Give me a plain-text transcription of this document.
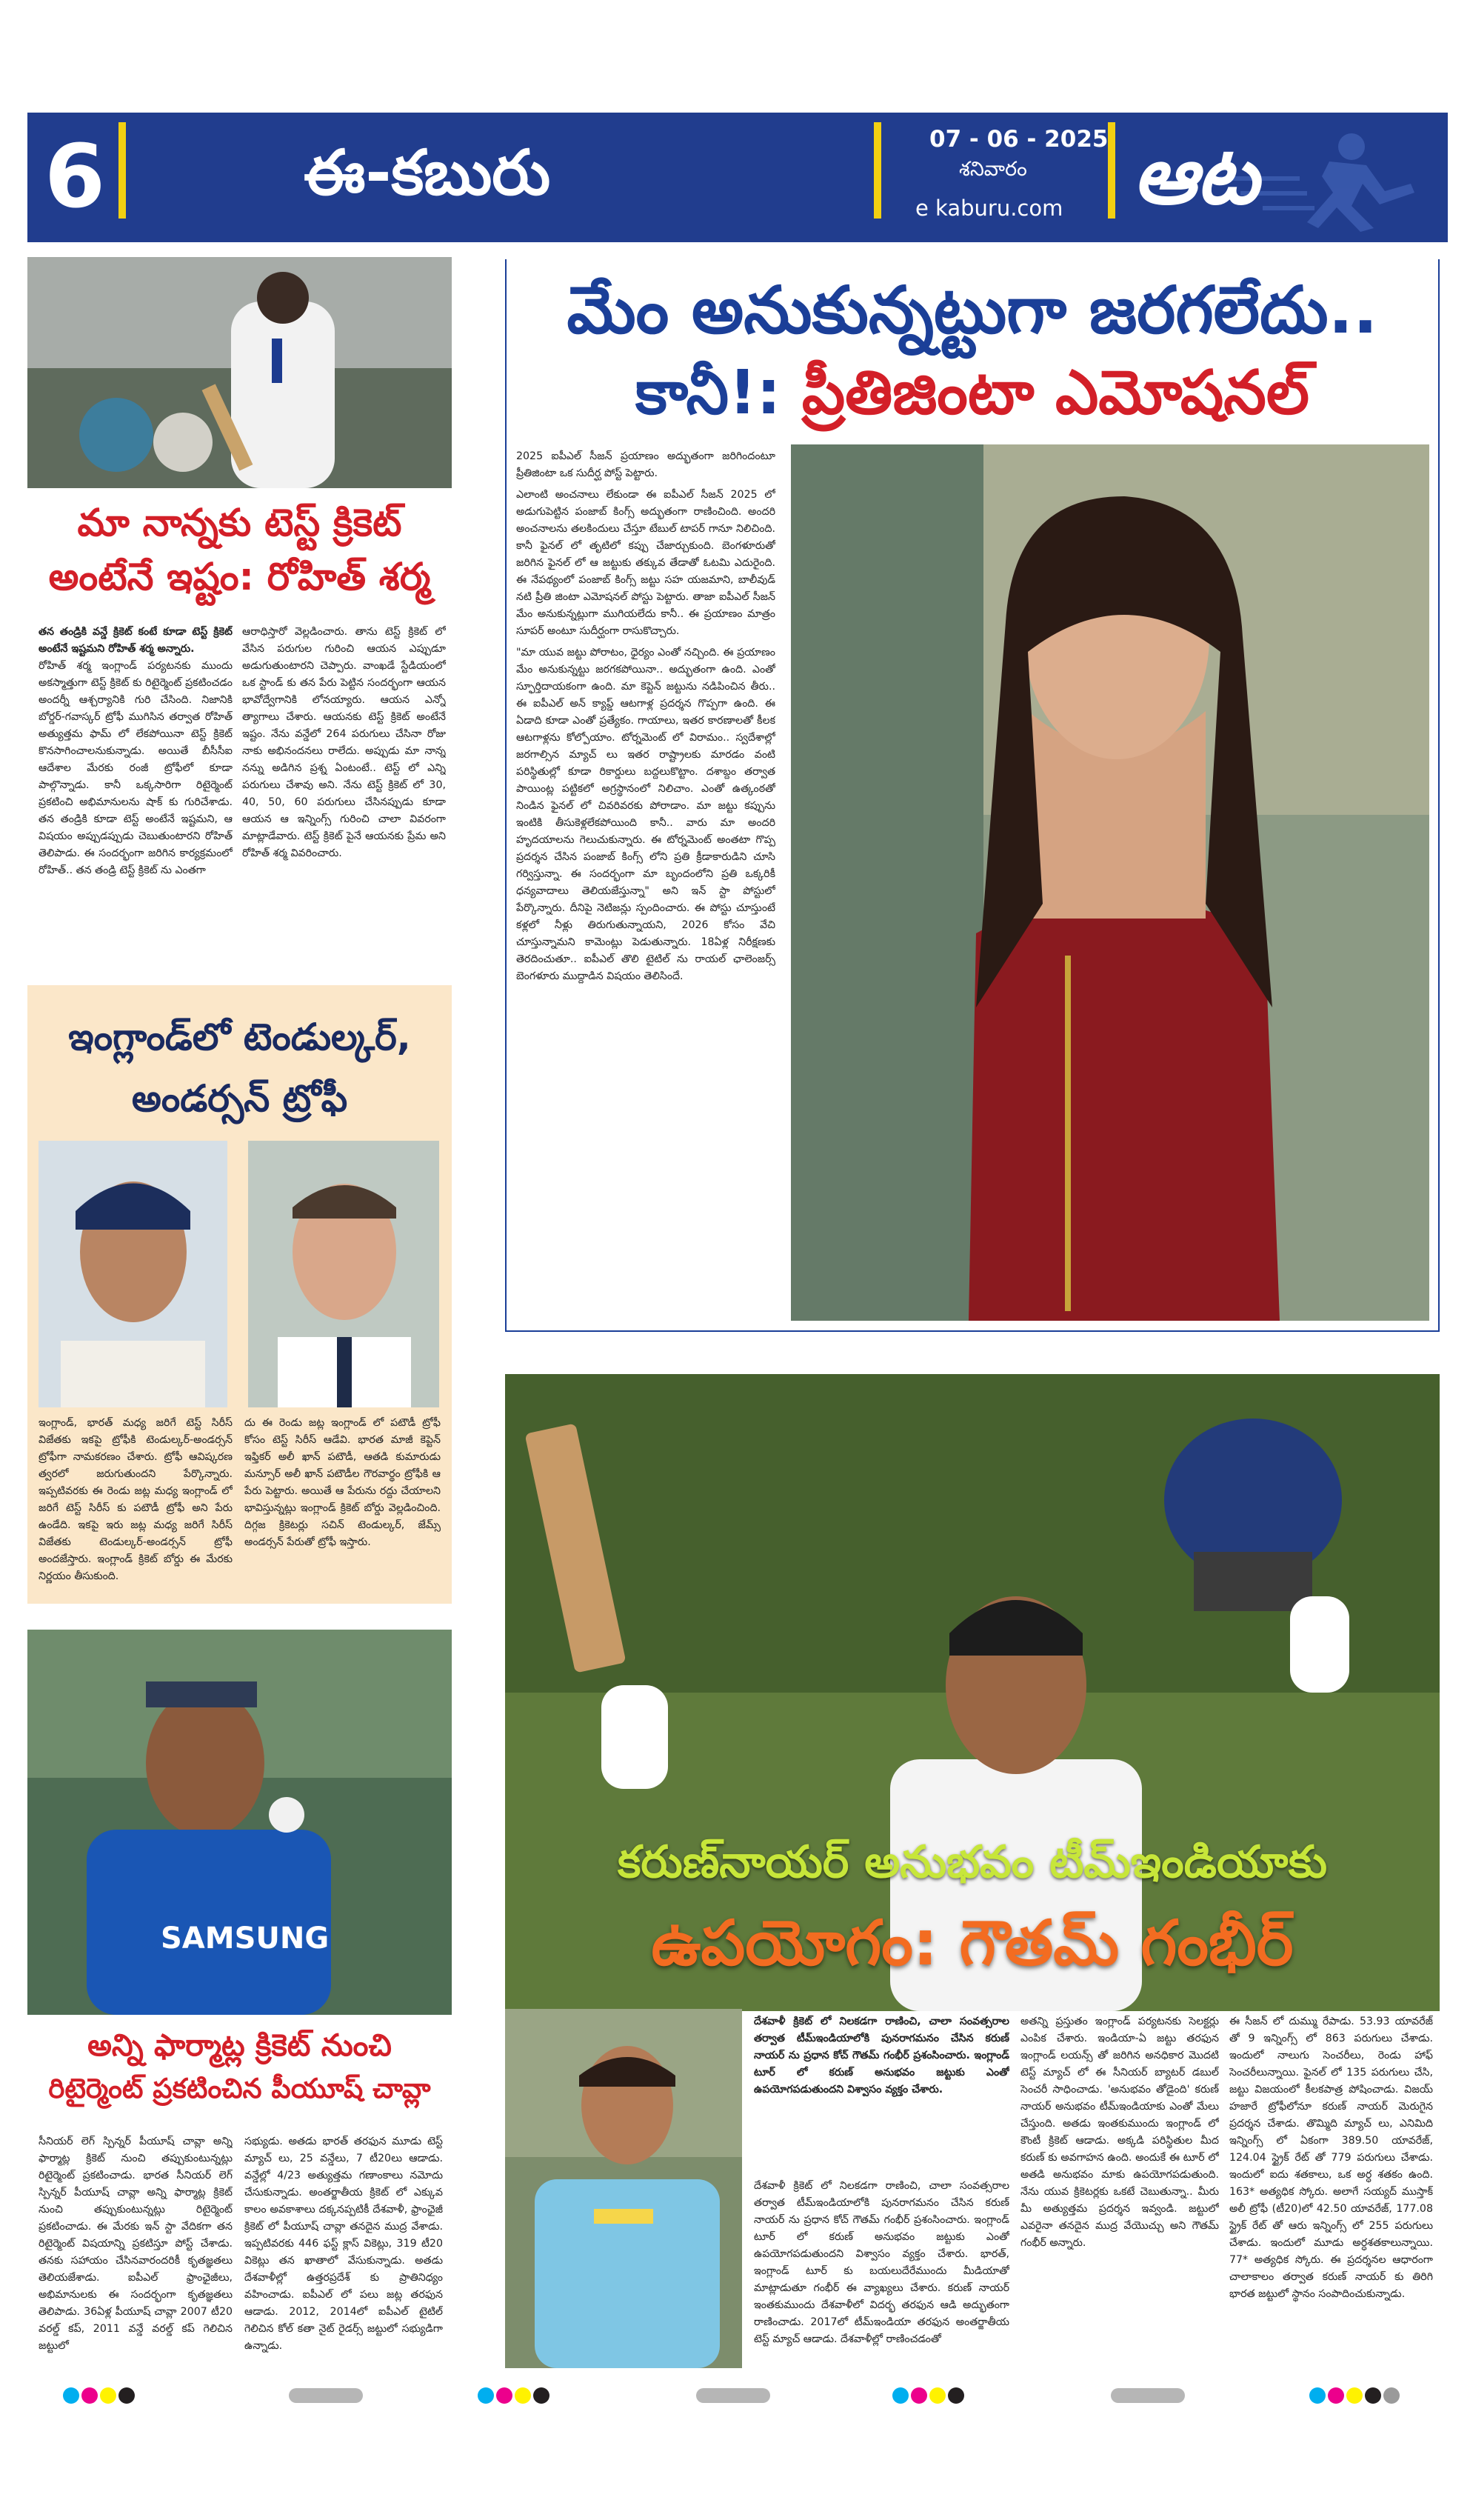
6	ఈ-కబురు	07 - 06 - 2025
శనివారం
e kaburu.com ఆట
మా నాన్నకు టెస్ట్ క్రికెట్
అంటేనే ఇష్టం: రోహిత్ శర్మ

తన తండ్రికి వన్డే క్రికెట్ కంటే కూడా టెస్ట్ క్రికెట్ అంటేనే ఇష్టమని రోహిత్ శర్మ అన్నారు.

రోహిత్ శర్మ ఇంగ్లాండ్ పర్యటనకు ముందు అకస్మాత్తుగా టెస్ట్ క్రికెట్ కు రిటైర్మెంట్ ప్రకటించడం అందర్నీ ఆశ్చర్యానికి గురి చేసింది. నిజానికి బోర్డర్-గవాస్కర్ ట్రోఫీ ముగిసిన తర్వాత రోహిత్ అత్యుత్తమ ఫామ్ లో లేకపోయినా టెస్ట్ క్రికెట్ కొనసాగించాలనుకున్నాడు. అయితే బీసీసీఐ ఆదేశాల మేరకు రంజీ ట్రోఫీలో కూడా పాల్గొన్నాడు. కానీ ఒక్కసారిగా రిటైర్మెంట్ ప్రకటించి అభిమానులను షాక్ కు గురిచేశాడు. తన తండ్రికి కూడా టెస్ట్ అంటేనే ఇష్టమని, ఆ విషయం అప్పుడప్పుడు చెబుతుంటారని రోహిత్ తెలిపాడు. ఈ సందర్భంగా జరిగిన కార్యక్రమంలో రోహిత్.. తన తండ్రి టెస్ట్ క్రికెట్ ను ఎంతగా

ఆరాధిస్తారో వెల్లడించారు. తాను టెస్ట్ క్రికెట్ లో వేసిన పరుగుల గురించి ఆయన ఎప్పుడూ అడుగుతుంటారని చెప్పారు. వాంఖడే స్టేడియంలో ఒక స్టాండ్ కు తన పేరు పెట్టిన సందర్భంగా ఆయన భావోద్వేగానికి లోనయ్యారు. ఆయన ఎన్నో త్యాగాలు చేశారు. ఆయనకు టెస్ట్ క్రికెట్ అంటేనే ఇష్టం. నేను వన్డేలో 264 పరుగులు చేసినా రోజు నాకు అభినందనలు రాలేదు. అప్పుడు మా నాన్న నన్ను అడిగిన ప్రశ్న ఏంటంటే.. టెస్ట్ లో ఎన్ని పరుగులు చేశావు అని. నేను టెస్ట్ క్రికెట్ లో 30, 40, 50, 60 పరుగులు చేసినప్పుడు కూడా ఆయన ఆ ఇన్నింగ్స్ గురించి చాలా వివరంగా మాట్లాడేవారు. టెస్ట్ క్రికెట్ పైనే ఆయనకు ప్రేమ అని రోహిత్ శర్మ వివరించారు.

ఇంగ్లాండ్‌లో టెండుల్కర్,
అండర్సన్ ట్రోఫీ

ఇంగ్లాండ్, భారత్ మధ్య జరిగే టెస్ట్ సిరీస్ విజేతకు ఇకపై ట్రోఫీకి టెండుల్కర్-అండర్సన్ ట్రోఫీగా నామకరణం చేశారు. ట్రోఫీ ఆవిష్కరణ త్వరలో జరుగుతుందని పేర్కొన్నారు. ఇప్పటివరకు ఈ రెండు జట్ల మధ్య ఇంగ్లాండ్ లో జరిగే టెస్ట్ సిరీస్ కు పటౌడీ ట్రోఫీ అని పేరు ఉండేది. ఇకపై ఇరు జట్ల మధ్య జరిగే సిరీస్ విజేతకు టెండుల్కర్-అండర్సన్ ట్రోఫీ అందజేస్తారు. ఇంగ్లాండ్ క్రికెట్ బోర్డు ఈ మేరకు నిర్ణయం తీసుకుంది.

దు ఈ రెండు జట్ల ఇంగ్లాండ్ లో పటౌడీ ట్రోఫీ కోసం టెస్ట్ సిరీస్ ఆడేవి. భారత మాజీ కెప్టెన్ ఇఫ్తికర్ అలీ ఖాన్ పటౌడీ, ఆతడి కుమారుడు మన్సూర్ అలీ ఖాన్ పటౌడీల గౌరవార్థం ట్రోఫీకి ఆ పేరు పెట్టారు. అయితే ఆ పేరును రద్దు చేయాలని భావిస్తున్నట్లు ఇంగ్లాండ్ క్రికెట్ బోర్డు వెల్లడించింది. దిగ్గజ క్రికెటర్లు సచిన్ టెండుల్కర్, జేమ్స్ అండర్సన్ పేరుతో ట్రోఫీ ఇస్తారు.

SAMSUNG
అన్ని ఫార్మాట్ల క్రికెట్ నుంచి
రిటైర్మెంట్ ప్రకటించిన పీయూష్ చావ్లా

సీనియర్ లెగ్ స్పిన్నర్ పీయూష్ చావ్లా అన్ని ఫార్మాట్ల క్రికెట్ నుంచి తప్పుకుంటున్నట్లు రిటైర్మెంట్ ప్రకటించాడు. భారత సీనియర్ లెగ్ స్పిన్నర్ పీయూష్ చావ్లా అన్ని ఫార్మాట్ల క్రికెట్ నుంచి తప్పుకుంటున్నట్లు రిటైర్మెంట్ ప్రకటించాడు. ఈ మేరకు ఇన్ స్టా వేదికగా తన రిటైర్మెంట్ విషయాన్ని ప్రకటిస్తూ పోస్ట్ చేశాడు. తనకు సహాయం చేసినవారందరికీ కృతజ్ఞతలు తెలియజేశాడు. ఐపీఎల్ ఫ్రాంఛైజీలు, అభిమానులకు ఈ సందర్భంగా కృతజ్ఞతలు తెలిపాడు. 36ఏళ్ల పీయూష్ చావ్లా 2007 టీ20 వరల్డ్ కప్, 2011 వన్డే వరల్డ్ కప్ గెలిచిన జట్టులో

సభ్యుడు. అతడు భారత్ తరఫున మూడు టెస్ట్ మ్యాచ్ లు, 25 వన్డేలు, 7 టీ20లు ఆడాడు. వన్డేల్లో 4/23 అత్యుత్తమ గణాంకాలు నమోదు చేసుకున్నాడు. అంతర్జాతీయ క్రికెట్ లో ఎక్కువ కాలం అవకాశాలు దక్కనప్పటికీ దేశవాళీ, ఫ్రాంఛైజీ క్రికెట్ లో పీయూష్ చావ్లా తనదైన ముద్ర వేశాడు. ఇప్పటివరకు 446 ఫస్ట్ క్లాస్ వికెట్లు, 319 టీ20 వికెట్లు తన ఖాతాలో వేసుకున్నాడు. అతడు దేశవాళీల్లో ఉత్తరప్రదేశ్ కు ప్రాతినిధ్యం వహించాడు. ఐపీఎల్ లో పలు జట్ల తరఫున ఆడాడు. 2012, 2014లో ఐపీఎల్ టైటిల్ గెలిచిన కోల్ కతా నైట్ రైడర్స్ జట్టులో సభ్యుడిగా ఉన్నాడు.

మేం అనుకున్నట్టుగా జరగలేదు..
కానీ!: ప్రీతిజింటా ఎమోషనల్

2025 ఐపీఎల్ సీజన్ ప్రయాణం అద్భుతంగా జరిగిందంటూ ప్రీతిజింటా ఒక సుదీర్ఘ పోస్ట్ పెట్టారు.

ఎలాంటి అంచనాలు లేకుండా ఈ ఐపీఎల్ సీజన్ 2025 లో అడుగుపెట్టిన పంజాబ్ కింగ్స్ అద్భుతంగా రాణించింది. అందరి అంచనాలను తలకిందులు చేస్తూ టేబుల్ టాపర్ గానూ నిలిచింది. కానీ ఫైనల్ లో తృటిలో కప్పు చేజార్చుకుంది. బెంగళూరుతో జరిగిన ఫైనల్ లో ఆ జట్టుకు తక్కువ తేడాతో ఓటమి ఎదురైంది. ఈ నేపథ్యంలో పంజాబ్ కింగ్స్ జట్టు సహ యజమాని, బాలీవుడ్ నటి ప్రీతి జింటా ఎమోషనల్ పోస్టు పెట్టారు. తాజా ఐపీఎల్ సీజన్ మేం అనుకున్నట్లుగా ముగియలేదు కానీ.. ఈ ప్రయాణం మాత్రం సూపర్ అంటూ సుదీర్ఘంగా రాసుకొచ్చారు.

"మా యువ జట్టు పోరాటం, ధైర్యం ఎంతో నచ్చింది. ఈ ప్రయాణం మేం అనుకున్నట్టు జరగకపోయినా.. అద్భుతంగా ఉంది. ఎంతో స్ఫూర్తిదాయకంగా ఉంది. మా కెప్టెన్ జట్టును నడిపించిన తీరు.. ఈ ఐపీఎల్ అన్ క్యాప్డ్ ఆటగాళ్ల ప్రదర్శన గొప్పగా ఉంది. ఈ ఏడాది కూడా ఎంతో ప్రత్యేకం. గాయాలు, ఇతర కారణాలతో కీలక ఆటగాళ్లను కోల్పోయాం. టోర్నమెంట్ లో విరామం.. స్వదేశాల్లో జరగాల్సిన మ్యాచ్ లు ఇతర రాష్ట్రాలకు మారడం వంటి పరిస్థితుల్లో కూడా రికార్డులు బద్దలుకొట్టాం. దశాబ్దం తర్వాత పాయింట్ల పట్టికలో అగ్రస్థానంలో నిలిచాం. ఎంతో ఉత్కంఠతో నిండిన ఫైనల్ లో చివరివరకు పోరాడాం. మా జట్టు కప్పును ఇంటికి తీసుకెళ్లలేకపోయింది కానీ.. వారు మా అందరి హృదయాలను గెలుచుకున్నారు. ఈ టోర్నమెంట్ అంతటా గొప్ప ప్రదర్శన చేసిన పంజాబ్ కింగ్స్ లోని ప్రతి క్రీడాకారుడిని చూసి గర్విస్తున్నా. ఈ సందర్భంగా మా బృందంలోని ప్రతి ఒక్కరికీ ధన్యవాదాలు తెలియజేస్తున్నా" అని ఇన్ స్టా పోస్టులో పేర్కొన్నారు. దీనిపై నెటిజన్లు స్పందించారు. ఈ పోస్టు చూస్తుంటే కళ్లలో నీళ్లు తిరుగుతున్నాయని, 2026 కోసం వేచి చూస్తున్నామని కామెంట్లు పెడుతున్నారు. 18ఏళ్ల నిరీక్షణకు తెరదించుతూ.. ఐపీఎల్ తొలి టైటిల్ ను రాయల్ ఛాలెంజర్స్ బెంగళూరు ముద్దాడిన విషయం తెలిసిందే.

కరుణ్‌నాయర్ అనుభవం టీమ్‌ఇండియాకు
ఉపయోగం: గౌతమ్ గంభీర్

దేశవాళీ క్రికెట్ లో నిలకడగా రాణించి, చాలా సంవత్సరాల తర్వాత టీమ్ఇండియాలోకి పునరాగమనం చేసిన కరుణ్ నాయర్ ను ప్రధాన కోచ్ గౌతమ్ గంభీర్ ప్రశంసించారు. ఇంగ్లాండ్ టూర్ లో కరుణ్ అనుభవం జట్టుకు ఎంతో ఉపయోగపడుతుందని విశ్వాసం వ్యక్తం చేశారు.

దేశవాళీ క్రికెట్ లో నిలకడగా రాణించి, చాలా సంవత్సరాల తర్వాత టీమ్ఇండియాలోకి పునరాగమనం చేసిన కరుణ్ నాయర్ ను ప్రధాన కోచ్ గౌతమ్ గంభీర్ ప్రశంసించారు. ఇంగ్లాండ్ టూర్ లో కరుణ్ అనుభవం జట్టుకు ఎంతో ఉపయోగపడుతుందని విశ్వాసం వ్యక్తం చేశారు. భారత్, ఇంగ్లాండ్ టూర్ కు బయలుదేరేముందు మీడియాతో మాట్లాడుతూ గంభీర్ ఈ వ్యాఖ్యలు చేశారు. కరుణ్ నాయర్ ఇంతకుముందు దేశవాళీలో విదర్భ తరఫున ఆడి అద్భుతంగా రాణించాడు. 2017లో టీమ్ఇండియా తరఫున అంతర్జాతీయ టెస్ట్ మ్యాచ్ ఆడాడు. దేశవాళీల్లో రాణించడంతో

అతన్ని ప్రస్తుతం ఇంగ్లాండ్ పర్యటనకు సెలక్టర్లు ఎంపిక చేశారు. ఇండియా-ఏ జట్టు తరఫున ఇంగ్లాండ్ లయన్స్ తో జరిగిన అనధికార మొదటి టెస్ట్ మ్యాచ్ లో ఈ సీనియర్ బ్యాటర్ డబుల్ సెంచరీ సాధించాడు. 'అనుభవం తోడైంది' కరుణ్ నాయర్ అనుభవం టీమ్ఇండియాకు ఎంతో మేలు చేస్తుంది. అతడు ఇంతకుముందు ఇంగ్లాండ్ లో కౌంటీ క్రికెట్ ఆడాడు. అక్కడి పరిస్థితుల మీద కరుణ్ కు అవగాహన ఉంది. అందుకే ఈ టూర్ లో అతడి అనుభవం మాకు ఉపయోగపడుతుంది. నేను యువ క్రికెటర్లకు ఒకటే చెబుతున్నా.. మీరు మీ అత్యుత్తమ ప్రదర్శన ఇవ్వండి. జట్టులో ఎవరైనా తనదైన ముద్ర వేయొచ్చు అని గౌతమ్ గంభీర్ అన్నారు.

ఈ సీజన్ లో దుమ్ము రేపాడు. 53.93 యావరేజ్ తో 9 ఇన్నింగ్స్ లో 863 పరుగులు చేశాడు. ఇందులో నాలుగు సెంచరీలు, రెండు హాఫ్ సెంచరీలున్నాయి. ఫైనల్ లో 135 పరుగులు చేసి, జట్టు విజయంలో కీలకపాత్ర పోషించాడు. విజయ్ హజారే ట్రోఫీలోనూ కరుణ్ నాయర్ మెరుగైన ప్రదర్శన చేశాడు. తొమ్మిది మ్యాచ్ లు, ఎనిమిది ఇన్నింగ్స్ లో ఏకంగా 389.50 యావరేజ్, 124.04 స్ట్రైక్ రేట్ తో 779 పరుగులు చేశాడు. ఇందులో ఐదు శతకాలు, ఒక అర్ధ శతకం ఉంది. 163* అత్యధిక స్కోరు. అలాగే సయ్యద్ ముస్తాక్ అలీ ట్రోఫీ (టీ20)లో 42.50 యావరేజ్, 177.08 స్ట్రైక్ రేట్ తో ఆరు ఇన్నింగ్స్ లో 255 పరుగులు చేశాడు. ఇందులో మూడు అర్ధశతకాలున్నాయి. 77* అత్యధిక స్కోరు. ఈ ప్రదర్శనల ఆధారంగా చాలాకాలం తర్వాత కరుణ్ నాయర్ కు తిరిగి భారత జట్టులో స్థానం సంపాదించుకున్నాడు.
